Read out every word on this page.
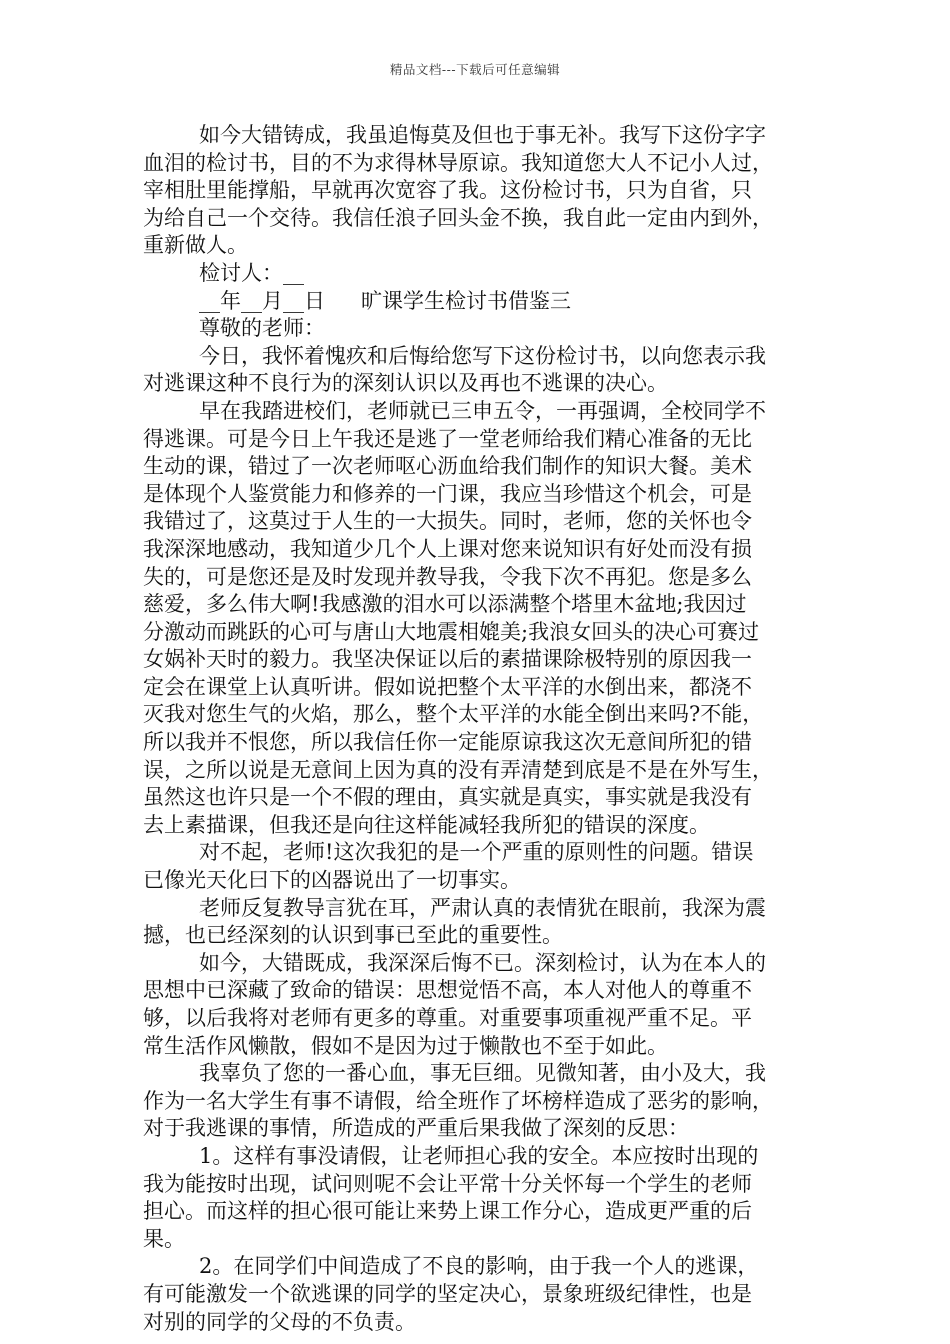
精品文档---下载后可任意编辑
如今大错铸成，我虽追悔莫及但也于事无补。我写下这份字字
血泪的检讨书，目的不为求得林导原谅。我知道您大人不记小人过，
宰相肚里能撑船，早就再次宽容了我。这份检讨书，只为自省，只
为给自己一个交待。我信任浪子回头金不换，我自此一定由内到外，
重新做人。
检讨人：__
__年__月__日 旷课学生检讨书借鉴三
尊敬的老师：
今日，我怀着愧疚和后悔给您写下这份检讨书，以向您表示我
对逃课这种不良行为的深刻认识以及再也不逃课的决心。
早在我踏进校们，老师就已三申五令，一再强调，全校同学不
得逃课。可是今日上午我还是逃了一堂老师给我们精心准备的无比
生动的课，错过了一次老师呕心沥血给我们制作的知识大餐。美术
是体现个人鉴赏能力和修养的一门课，我应当珍惜这个机会，可是
我错过了，这莫过于人生的一大损失。同时，老师，您的关怀也令
我深深地感动，我知道少几个人上课对您来说知识有好处而没有损
失的，可是您还是及时发现并教导我，令我下次不再犯。您是多么
慈爱，多么伟大啊!我感激的泪水可以添满整个塔里木盆地;我因过
分激动而跳跃的心可与唐山大地震相媲美;我浪女回头的决心可赛过
女娲补天时的毅力。我坚决保证以后的素描课除极特别的原因我一
定会在课堂上认真听讲。假如说把整个太平洋的水倒出来，都浇不
灭我对您生气的火焰，那么，整个太平洋的水能全倒出来吗?不能，
所以我并不恨您，所以我信任你一定能原谅我这次无意间所犯的错
误，之所以说是无意间上因为真的没有弄清楚到底是不是在外写生，
虽然这也许只是一个不假的理由，真实就是真实，事实就是我没有
去上素描课，但我还是向往这样能减轻我所犯的错误的深度。
对不起，老师!这次我犯的是一个严重的原则性的问题。错误
已像光天化曰下的凶器说出了一切事实。
老师反复教导言犹在耳，严肃认真的表情犹在眼前，我深为震
撼，也已经深刻的认识到事已至此的重要性。
如今，大错既成，我深深后悔不已。深刻检讨，认为在本人的
思想中已深藏了致命的错误：思想觉悟不高，本人对他人的尊重不
够，以后我将对老师有更多的尊重。对重要事项重视严重不足。平
常生活作风懒散，假如不是因为过于懒散也不至于如此。
我辜负了您的一番心血，事无巨细。见微知著，由小及大，我
作为一名大学生有事不请假，给全班作了坏榜样造成了恶劣的影响，
对于我逃课的事情，所造成的严重后果我做了深刻的反思：
1。这样有事没请假，让老师担心我的安全。本应按时出现的
我为能按时出现，试问则呢不会让平常十分关怀每一个学生的老师
担心。而这样的担心很可能让来势上课工作分心，造成更严重的后
果。
2。在同学们中间造成了不良的影响，由于我一个人的逃课，
有可能激发一个欲逃课的同学的坚定决心，景象班级纪律性，也是
对别的同学的父母的不负责。
